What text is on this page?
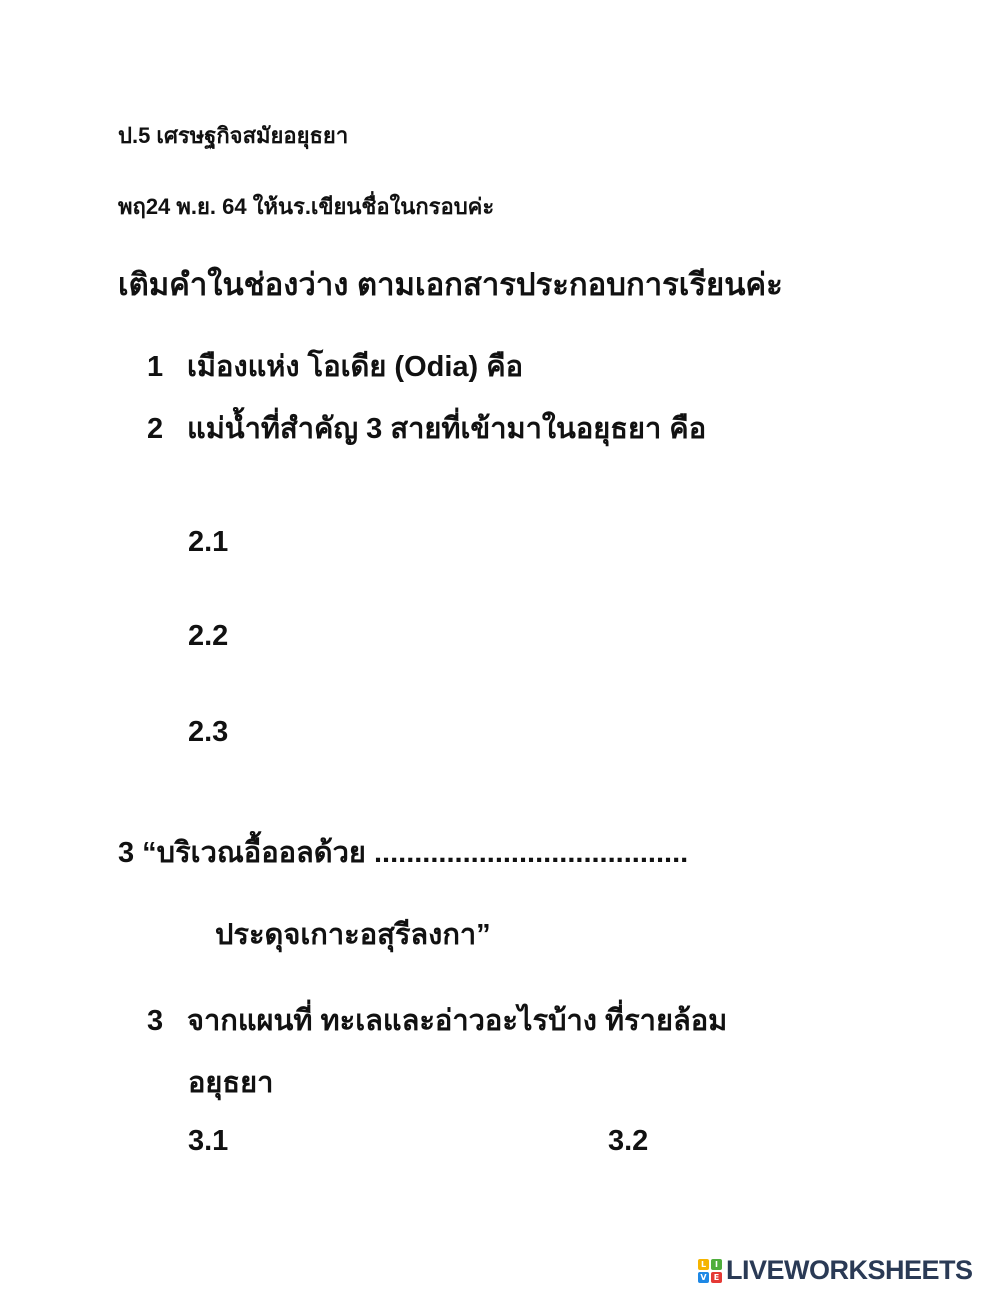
ป.5 เศรษฐกิจสมัยอยุธยา
พฤ24 พ.ย. 64 ให้นร.เขียนชื่อในกรอบค่ะ
เติมคำในช่องว่าง ตามเอกสารประกอบการเรียนค่ะ
1 เมืองแห่ง โอเดีย (Odia) คือ
2 แม่น้ำที่สำคัญ 3 สายที่เข้ามาในอยุธยา คือ
2.1
2.2
2.3
3 “บริเวณอื้ออลด้วย .......................................
ประดุจเกาะอสุรีลงกา”
3 จากแผนที่ ทะเลและอ่าวอะไรบ้าง ที่รายล้อม
อยุธยา
3.1	3.2
L	I
V E LIVEWORKSHEETS
